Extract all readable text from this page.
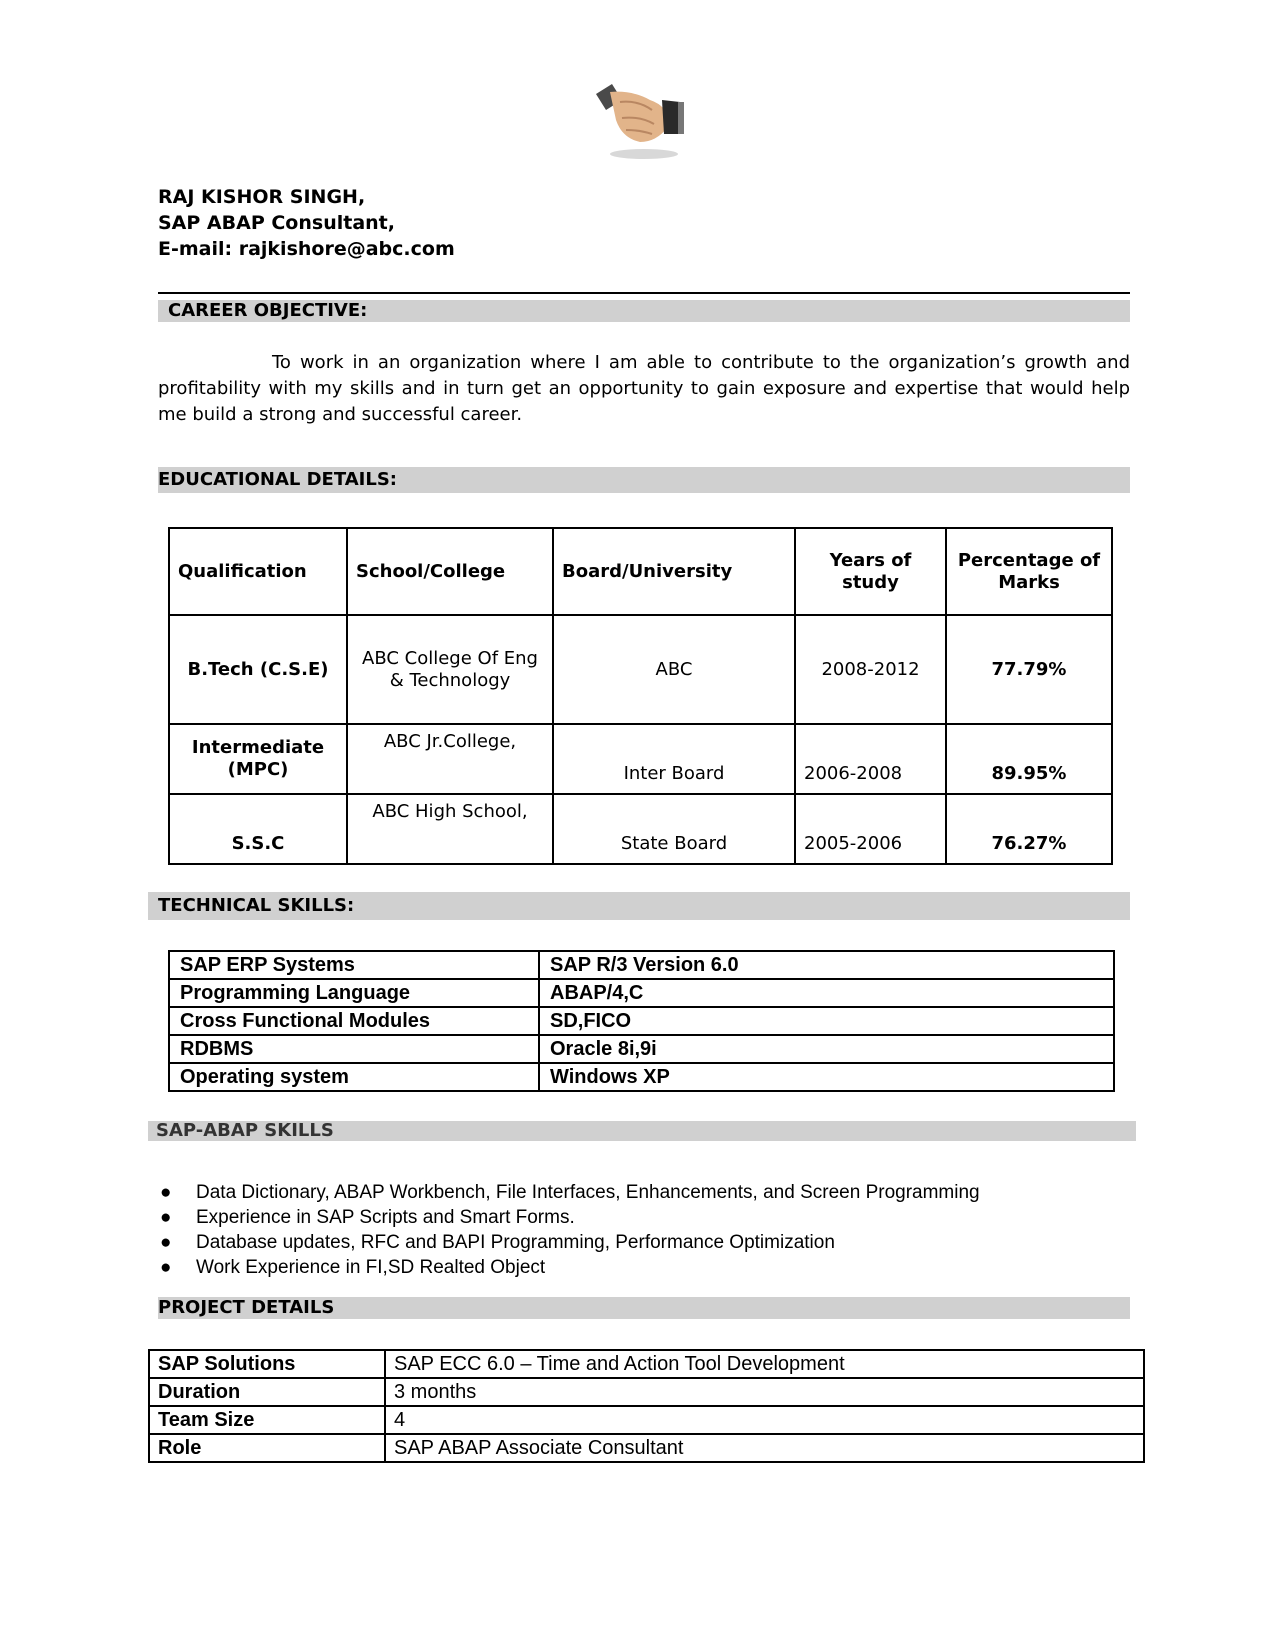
RAJ KISHOR SINGH,
SAP ABAP Consultant,
E-mail: rajkishore@abc.com
CAREER OBJECTIVE:
To work in an organization where I am able to contribute to the organization’s growth and profitability with my skills and in turn get an opportunity to gain exposure and expertise that would help me build a strong and successful career.
EDUCATIONAL DETAILS:
Qualification	School/College	Board/University	Years of study	Percentage of Marks
B.Tech (C.S.E)	ABC College Of Eng & Technology	ABC	2008-2012	77.79%
Intermediate (MPC)	ABC Jr.College,	Inter Board	2006-2008	89.95%
S.S.C	ABC High School,	State Board	2005-2006	76.27%
TECHNICAL SKILLS:
SAP ERP Systems	SAP R/3 Version 6.0
Programming Language	ABAP/4,C
Cross Functional Modules	SD,FICO
RDBMS	Oracle 8i,9i
Operating system	Windows XP
SAP-ABAP SKILLS
● Data Dictionary, ABAP Workbench, File Interfaces, Enhancements, and Screen Programming
● Experience in SAP Scripts and Smart Forms.
● Database updates, RFC and BAPI Programming, Performance Optimization
● Work Experience in FI,SD Realted Object
PROJECT DETAILS
SAP Solutions	SAP ECC 6.0 – Time and Action Tool Development
Duration	3 months
Team Size	4
Role	SAP ABAP Associate Consultant
